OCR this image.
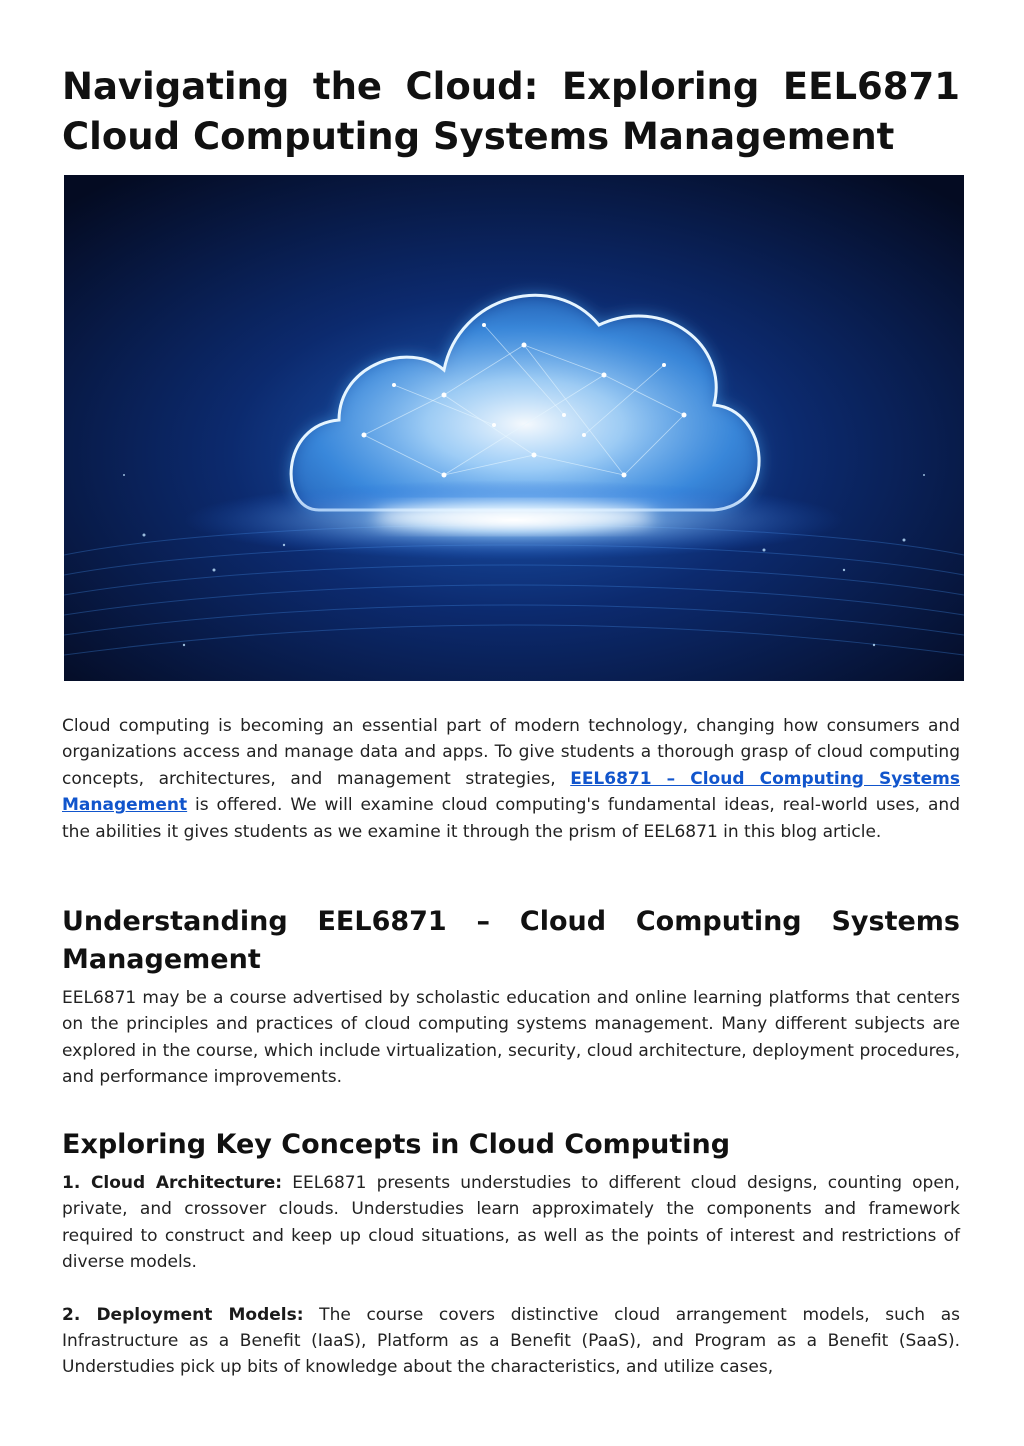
Navigating the Cloud: Exploring EEL6871 Cloud Computing Systems Management

Cloud computing is becoming an essential part of modern technology, changing how consumers and organizations access and manage data and apps. To give students a thorough grasp of cloud computing concepts, architectures, and management strategies, EEL6871 – Cloud Computing Systems Management is offered. We will examine cloud computing's fundamental ideas, real-world uses, and the abilities it gives students as we examine it through the prism of EEL6871 in this blog article.

Understanding EEL6871 – Cloud Computing Systems Management

EEL6871 may be a course advertised by scholastic education and online learning platforms that centers on the principles and practices of cloud computing systems management. Many different subjects are explored in the course, which include virtualization, security, cloud architecture, deployment procedures, and performance improvements.

Exploring Key Concepts in Cloud Computing

1. Cloud Architecture: EEL6871 presents understudies to different cloud designs, counting open, private, and crossover clouds. Understudies learn approximately the components and framework required to construct and keep up cloud situations, as well as the points of interest and restrictions of diverse models.

2. Deployment Models: The course covers distinctive cloud arrangement models, such as Infrastructure as a Benefit (IaaS), Platform as a Benefit (PaaS), and Program as a Benefit (SaaS). Understudies pick up bits of knowledge about the characteristics, and utilize cases,
